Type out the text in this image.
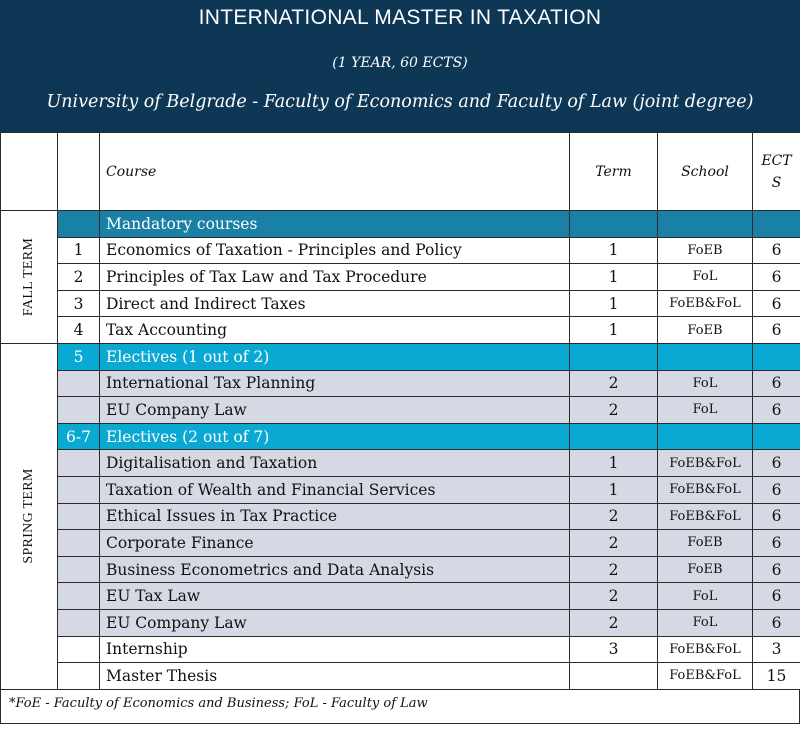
INTERNATIONAL MASTER IN TAXATION
(1 YEAR, 60 ECTS)
University of Belgrade - Faculty of Economics and Faculty of Law (joint degree)
		Course	Term	School	ECT
S

FALL TERM		Mandatory courses			
	1	Economics of Taxation - Principles and Policy	1	FoEB	6
	2	Principles of Tax Law and Tax Procedure	1	FoL	6
	3	Direct and Indirect Taxes	1	FoEB&FoL	6
	4	Tax Accounting	1	FoEB	6

SPRING TERM	5	Electives (1 out of 2)			
		International Tax Planning	2	FoL	6
		EU Company Law	2	FoL	6
	6-7	Electives (2 out of 7)			
		Digitalisation and Taxation	1	FoEB&FoL	6
		Taxation of Wealth and Financial Services	1	FoEB&FoL	6
		Ethical Issues in Tax Practice	2	FoEB&FoL	6
		Corporate Finance	2	FoEB	6
		Business Econometrics and Data Analysis	2	FoEB	6
		EU Tax Law	2	FoL	6
		EU Company Law	2	FoL	6
		Internship	3	FoEB&FoL	3
		Master Thesis		FoEB&FoL	15
*FoE - Faculty of Economics and Business; FoL - Faculty of Law
